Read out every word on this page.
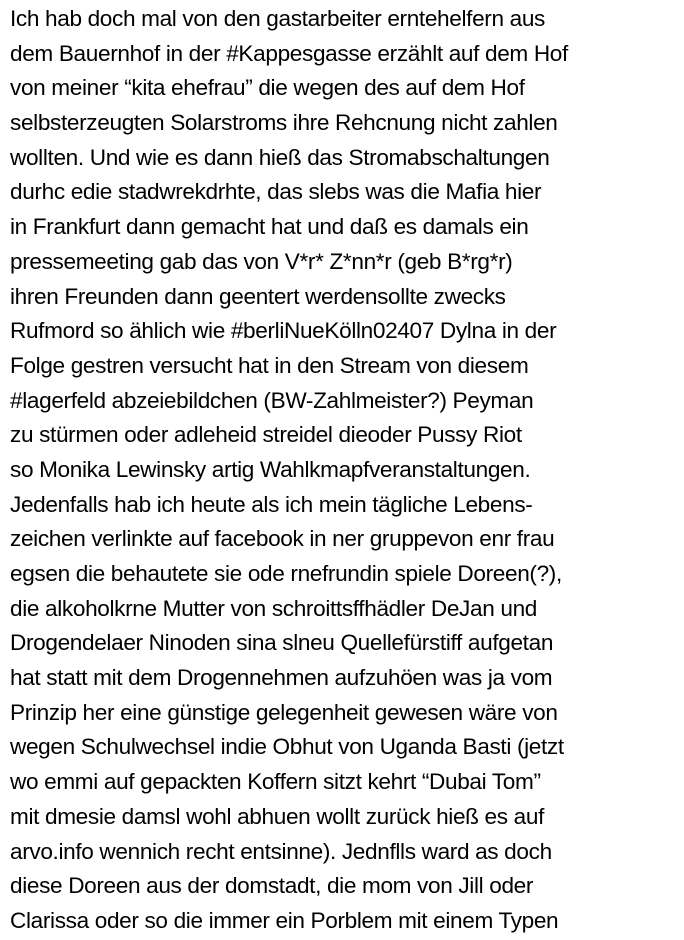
Ich hab doch mal von den gastarbeiter erntehelfern aus
dem Bauernhof in der #Kappesgasse erzählt auf dem Hof
von meiner “kita ehefrau” die wegen des auf dem Hof
selbsterzeugten Solarstroms ihre Rehcnung nicht zahlen
wollten. Und wie es dann hieß das Stromabschaltungen
durhc edie stadwrekdrhte, das slebs was die Mafia hier
in Frankfurt dann gemacht hat und daß es damals ein
pressemeeting gab das von V*r* Z*nn*r (geb B*rg*r)
ihren Freunden dann geentert werdensollte zwecks
Rufmord so ählich wie #berliNueKölln02407 Dylna in der
Folge gestren versucht hat in den Stream von diesem
#lagerfeld abzeiebildchen (BW-Zahlmeister?) Peyman
zu stürmen oder adleheid streidel dieoder Pussy Riot
so Monika Lewinsky artig Wahlkmapfveranstaltungen.
Jedenfalls hab ich heute als ich mein tägliche Lebens-
zeichen verlinkte auf facebook in ner gruppevon enr frau
egsen die behautete sie ode rnefrundin spiele Doreen(?),
die alkoholkrne Mutter von schroittsffhädler DeJan und
Drogendelaer Ninoden sina slneu Quellefürstiff aufgetan
hat statt mit dem Drogennehmen aufzuhöen was ja vom
Prinzip her eine günstige gelegenheit gewesen wäre von
wegen Schulwechsel indie Obhut von Uganda Basti (jetzt
wo emmi auf gepackten Koffern sitzt kehrt “Dubai Tom”
mit dmesie damsl wohl abhuen wollt zurück hieß es auf
arvo.info wennich recht entsinne). Jednflls ward as doch
diese Doreen aus der domstadt, die mom von Jill oder
Clarissa oder so die immer ein Porblem mit einem Typen
